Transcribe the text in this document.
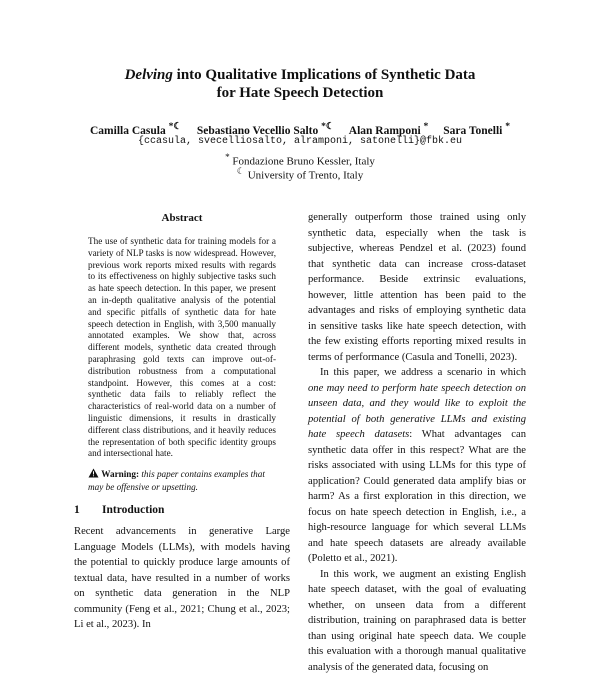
Delving into Qualitative Implications of Synthetic Data
for Hate Speech Detection
Camilla Casula *☾ Sebastiano Vecellio Salto *☾ Alan Ramponi * Sara Tonelli *
{ccasula, svecelliosalto, alramponi, satonelli}@fbk.eu
* Fondazione Bruno Kessler, Italy
☾ University of Trento, Italy
Abstract
The use of synthetic data for training models for a variety of NLP tasks is now widespread. However, previous work reports mixed results with regards to its effectiveness on highly subjective tasks such as hate speech detection. In this paper, we present an in-depth qualitative analysis of the potential and specific pitfalls of synthetic data for hate speech detection in English, with 3,500 manually annotated examples. We show that, across different models, synthetic data created through paraphrasing gold texts can improve out-of-distribution robustness from a computational standpoint. However, this comes at a cost: synthetic data fails to reliably reflect the characteristics of real-world data on a number of linguistic dimensions, it results in drastically different class distributions, and it heavily reduces the representation of both specific identity groups and intersectional hate.
Warning: this paper contains examples that may be offensive or upsetting.
1 Introduction
Recent advancements in generative Large Language Models (LLMs), with models having the potential to quickly produce large amounts of textual data, have resulted in a number of works on synthetic data generation in the NLP community (Feng et al., 2021; Chung et al., 2023; Li et al., 2023). In

generally outperform those trained using only synthetic data, especially when the task is subjective, whereas Pendzel et al. (2023) found that synthetic data can increase cross-dataset performance. Beside extrinsic evaluations, however, little attention has been paid to the advantages and risks of employing synthetic data in sensitive tasks like hate speech detection, with the few existing efforts reporting mixed results in terms of performance (Casula and Tonelli, 2023).

In this paper, we address a scenario in which one may need to perform hate speech detection on unseen data, and they would like to exploit the potential of both generative LLMs and existing hate speech datasets: What advantages can synthetic data offer in this respect? What are the risks associated with using LLMs for this type of application? Could generated data amplify bias or harm? As a first exploration in this direction, we focus on hate speech detection in English, i.e., a high-resource language for which several LLMs and hate speech datasets are already available (Poletto et al., 2021).

In this work, we augment an existing English hate speech dataset, with the goal of evaluating whether, on unseen data from a different distribution, training on paraphrased data is better than using original hate speech data. We couple this evaluation with a thorough manual qualitative analysis of the generated data, focusing on
